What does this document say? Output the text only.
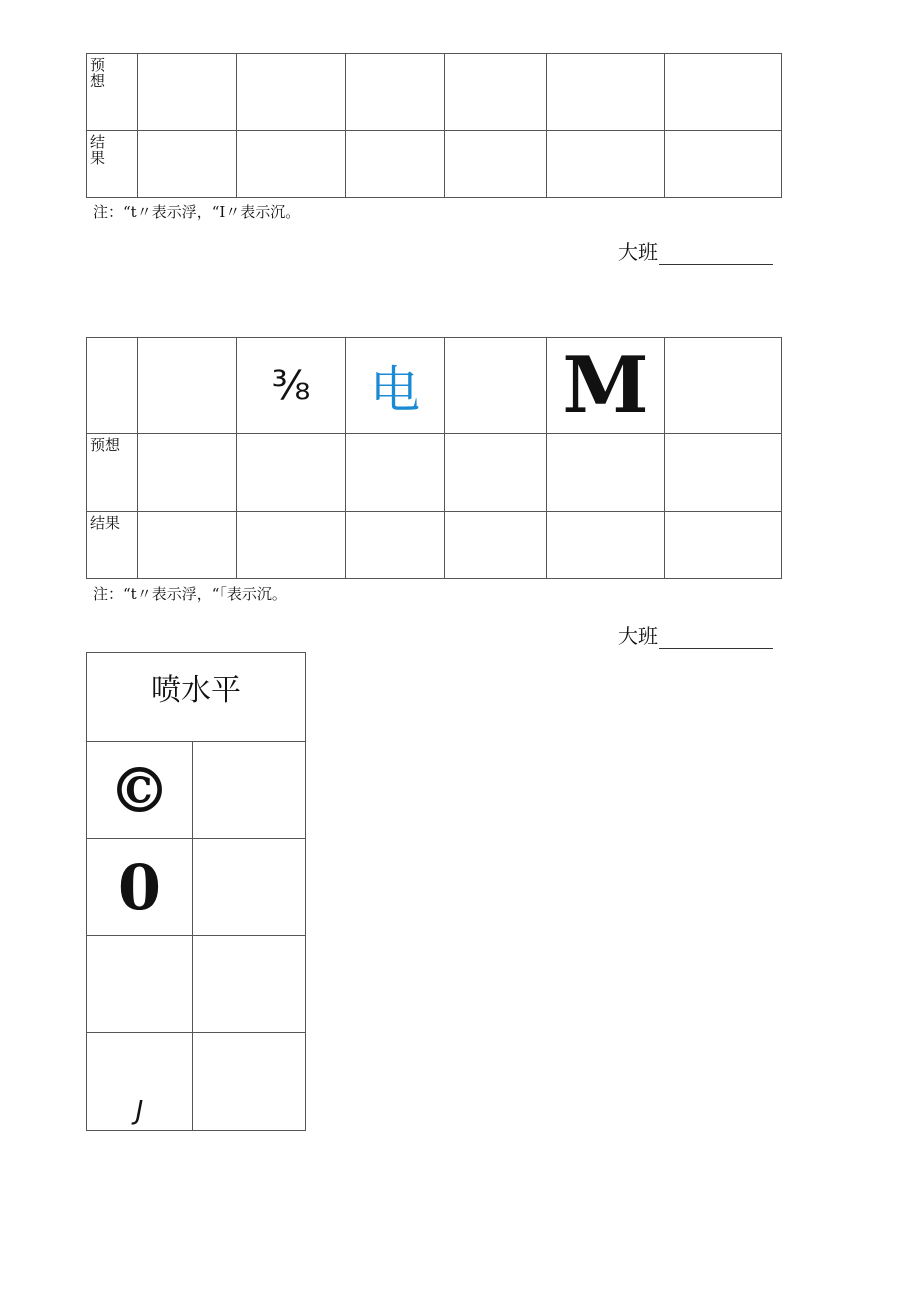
预想						

结果						

注：“t〃表示浮，“I〃表示沉。
大班
		⅜	电		M	

预想						

结果						

注：“t〃表示浮，“「表示沉。
大班
喷水平	
©	
0	

J	
